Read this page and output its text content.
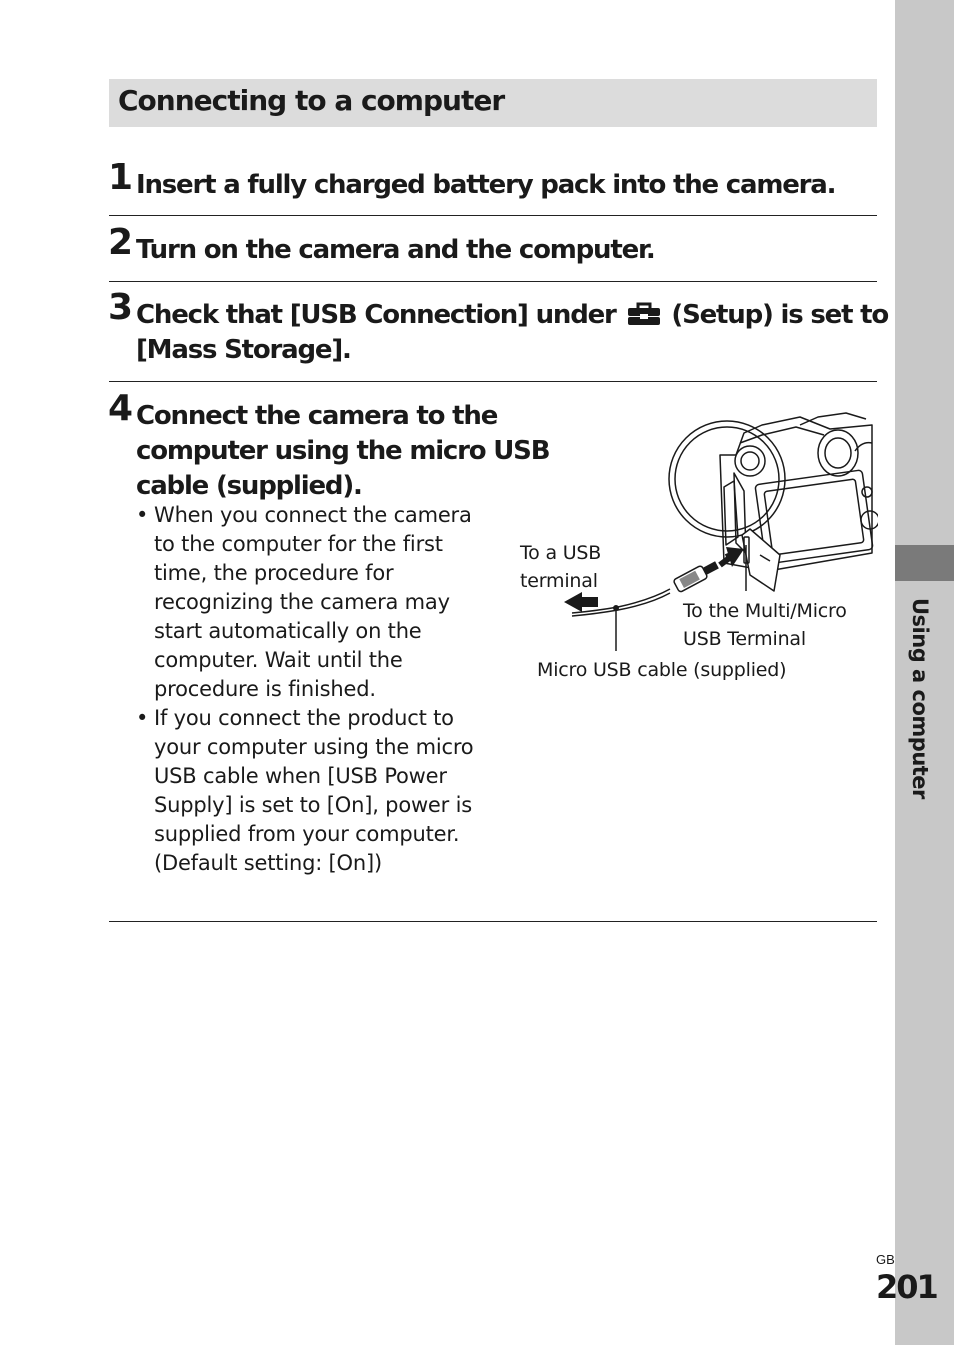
Using a computer
Connecting to a computer
1 Insert a fully charged battery pack into the camera.
2 Turn on the camera and the computer.
3 Check that [USB Connection] under (Setup) is set to
[Mass Storage].
4 Connect the camera to the
computer using the micro USB
cable (supplied).
• When you connect the camera to the computer for the first time, the procedure for recognizing the camera may start automatically on the computer. Wait until the procedure is finished.
• If you connect the product to your computer using the micro USB cable when [USB Power Supply] is set to [On], power is supplied from your computer. (Default setting: [On])
To a USB
terminal
To the Multi/Micro
USB Terminal
Micro USB cable (supplied)
GB
201
